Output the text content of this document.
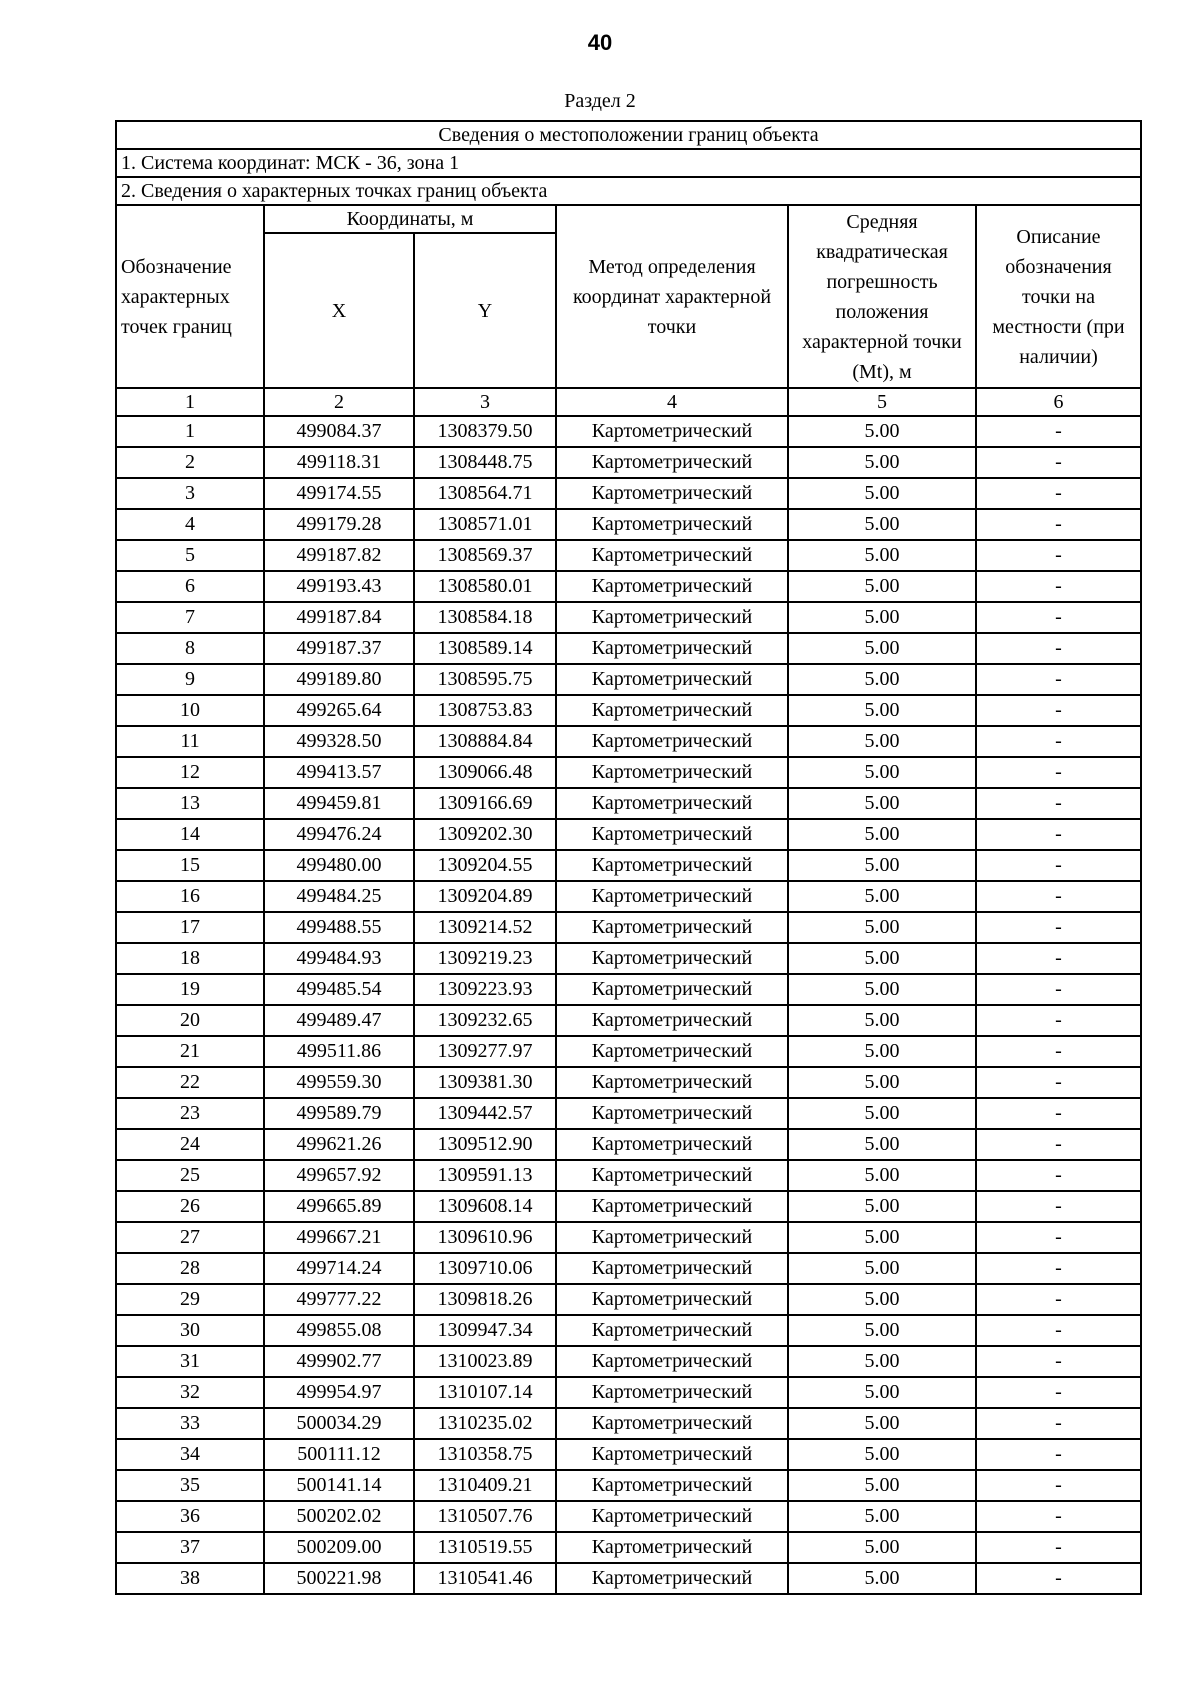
40
Раздел 2
Сведения о местоположении границ объекта					
1. Система координат: МСК - 36, зона 1					
2. Сведения о характерных точках границ объекта					
Обозначение характерных точек границ	Координаты, м		Метод определения координат характерной точки	Средняя квадратическая погрешность положения характерной точки (Mt), м	Описание обозначения точки на местности (при наличии)
	X	Y			
1	2	3	4	5	6
1	499084.37	1308379.50	Картометрический	5.00	-
2	499118.31	1308448.75	Картометрический	5.00	-
3	499174.55	1308564.71	Картометрический	5.00	-
4	499179.28	1308571.01	Картометрический	5.00	-
5	499187.82	1308569.37	Картометрический	5.00	-
6	499193.43	1308580.01	Картометрический	5.00	-
7	499187.84	1308584.18	Картометрический	5.00	-
8	499187.37	1308589.14	Картометрический	5.00	-
9	499189.80	1308595.75	Картометрический	5.00	-
10	499265.64	1308753.83	Картометрический	5.00	-
11	499328.50	1308884.84	Картометрический	5.00	-
12	499413.57	1309066.48	Картометрический	5.00	-
13	499459.81	1309166.69	Картометрический	5.00	-
14	499476.24	1309202.30	Картометрический	5.00	-
15	499480.00	1309204.55	Картометрический	5.00	-
16	499484.25	1309204.89	Картометрический	5.00	-
17	499488.55	1309214.52	Картометрический	5.00	-
18	499484.93	1309219.23	Картометрический	5.00	-
19	499485.54	1309223.93	Картометрический	5.00	-
20	499489.47	1309232.65	Картометрический	5.00	-
21	499511.86	1309277.97	Картометрический	5.00	-
22	499559.30	1309381.30	Картометрический	5.00	-
23	499589.79	1309442.57	Картометрический	5.00	-
24	499621.26	1309512.90	Картометрический	5.00	-
25	499657.92	1309591.13	Картометрический	5.00	-
26	499665.89	1309608.14	Картометрический	5.00	-
27	499667.21	1309610.96	Картометрический	5.00	-
28	499714.24	1309710.06	Картометрический	5.00	-
29	499777.22	1309818.26	Картометрический	5.00	-
30	499855.08	1309947.34	Картометрический	5.00	-
31	499902.77	1310023.89	Картометрический	5.00	-
32	499954.97	1310107.14	Картометрический	5.00	-
33	500034.29	1310235.02	Картометрический	5.00	-
34	500111.12	1310358.75	Картометрический	5.00	-
35	500141.14	1310409.21	Картометрический	5.00	-
36	500202.02	1310507.76	Картометрический	5.00	-
37	500209.00	1310519.55	Картометрический	5.00	-
38	500221.98	1310541.46	Картометрический	5.00	-
